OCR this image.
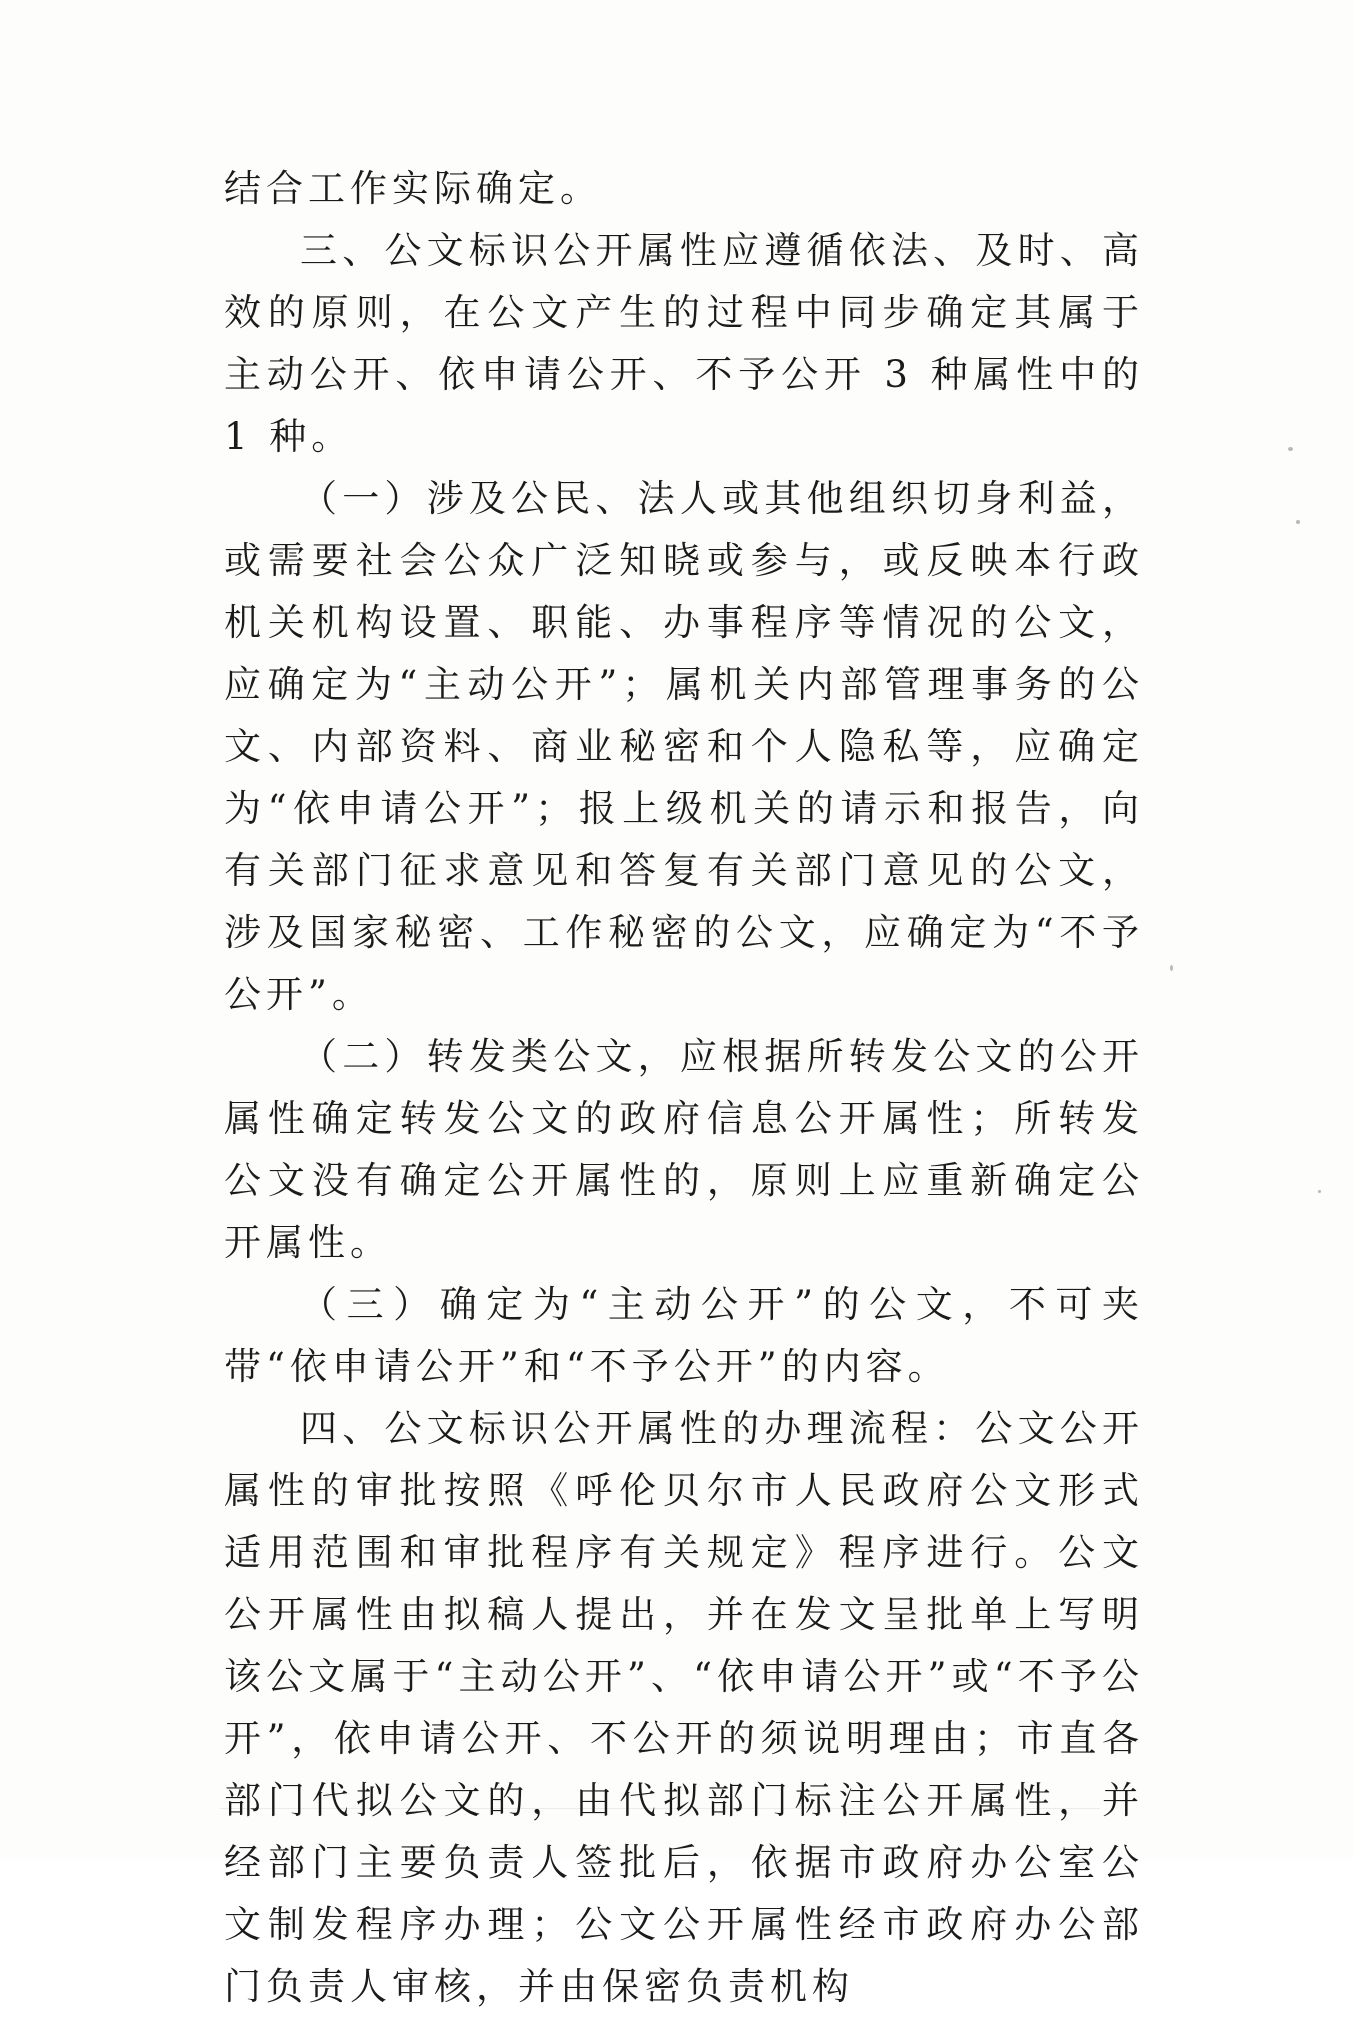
结合工作实际确定。

三、公文标识公开属性应遵循依法、及时、高效的原则，在公文产生的过程中同步确定其属于主动公开、依申请公开、不予公开 3 种属性中的 1 种。

（一）涉及公民、法人或其他组织切身利益，或需要社会公众广泛知晓或参与，或反映本行政机关机构设置、职能、办事程序等情况的公文，应确定为“主动公开”；属机关内部管理事务的公文、内部资料、商业秘密和个人隐私等，应确定为“依申请公开”；报上级机关的请示和报告，向有关部门征求意见和答复有关部门意见的公文，涉及国家秘密、工作秘密的公文，应确定为“不予公开”。

（二）转发类公文，应根据所转发公文的公开属性确定转发公文的政府信息公开属性；所转发公文没有确定公开属性的，原则上应重新确定公开属性。

（三）确定为“主动公开”的公文，不可夹带“依申请公开”和“不予公开”的内容。

四、公文标识公开属性的办理流程：公文公开属性的审批按照《呼伦贝尔市人民政府公文形式适用范围和审批程序有关规定》程序进行。公文公开属性由拟稿人提出，并在发文呈批单上写明该公文属于“主动公开”、“依申请公开”或“不予公开”，依申请公开、不公开的须说明理由；市直各部门代拟公文的，由代拟部门标注公开属性，并经部门主要负责人签批后，依据市政府办公室公文制发程序办理；公文公开属性经市政府办公部门负责人审核，并由保密负责机构
